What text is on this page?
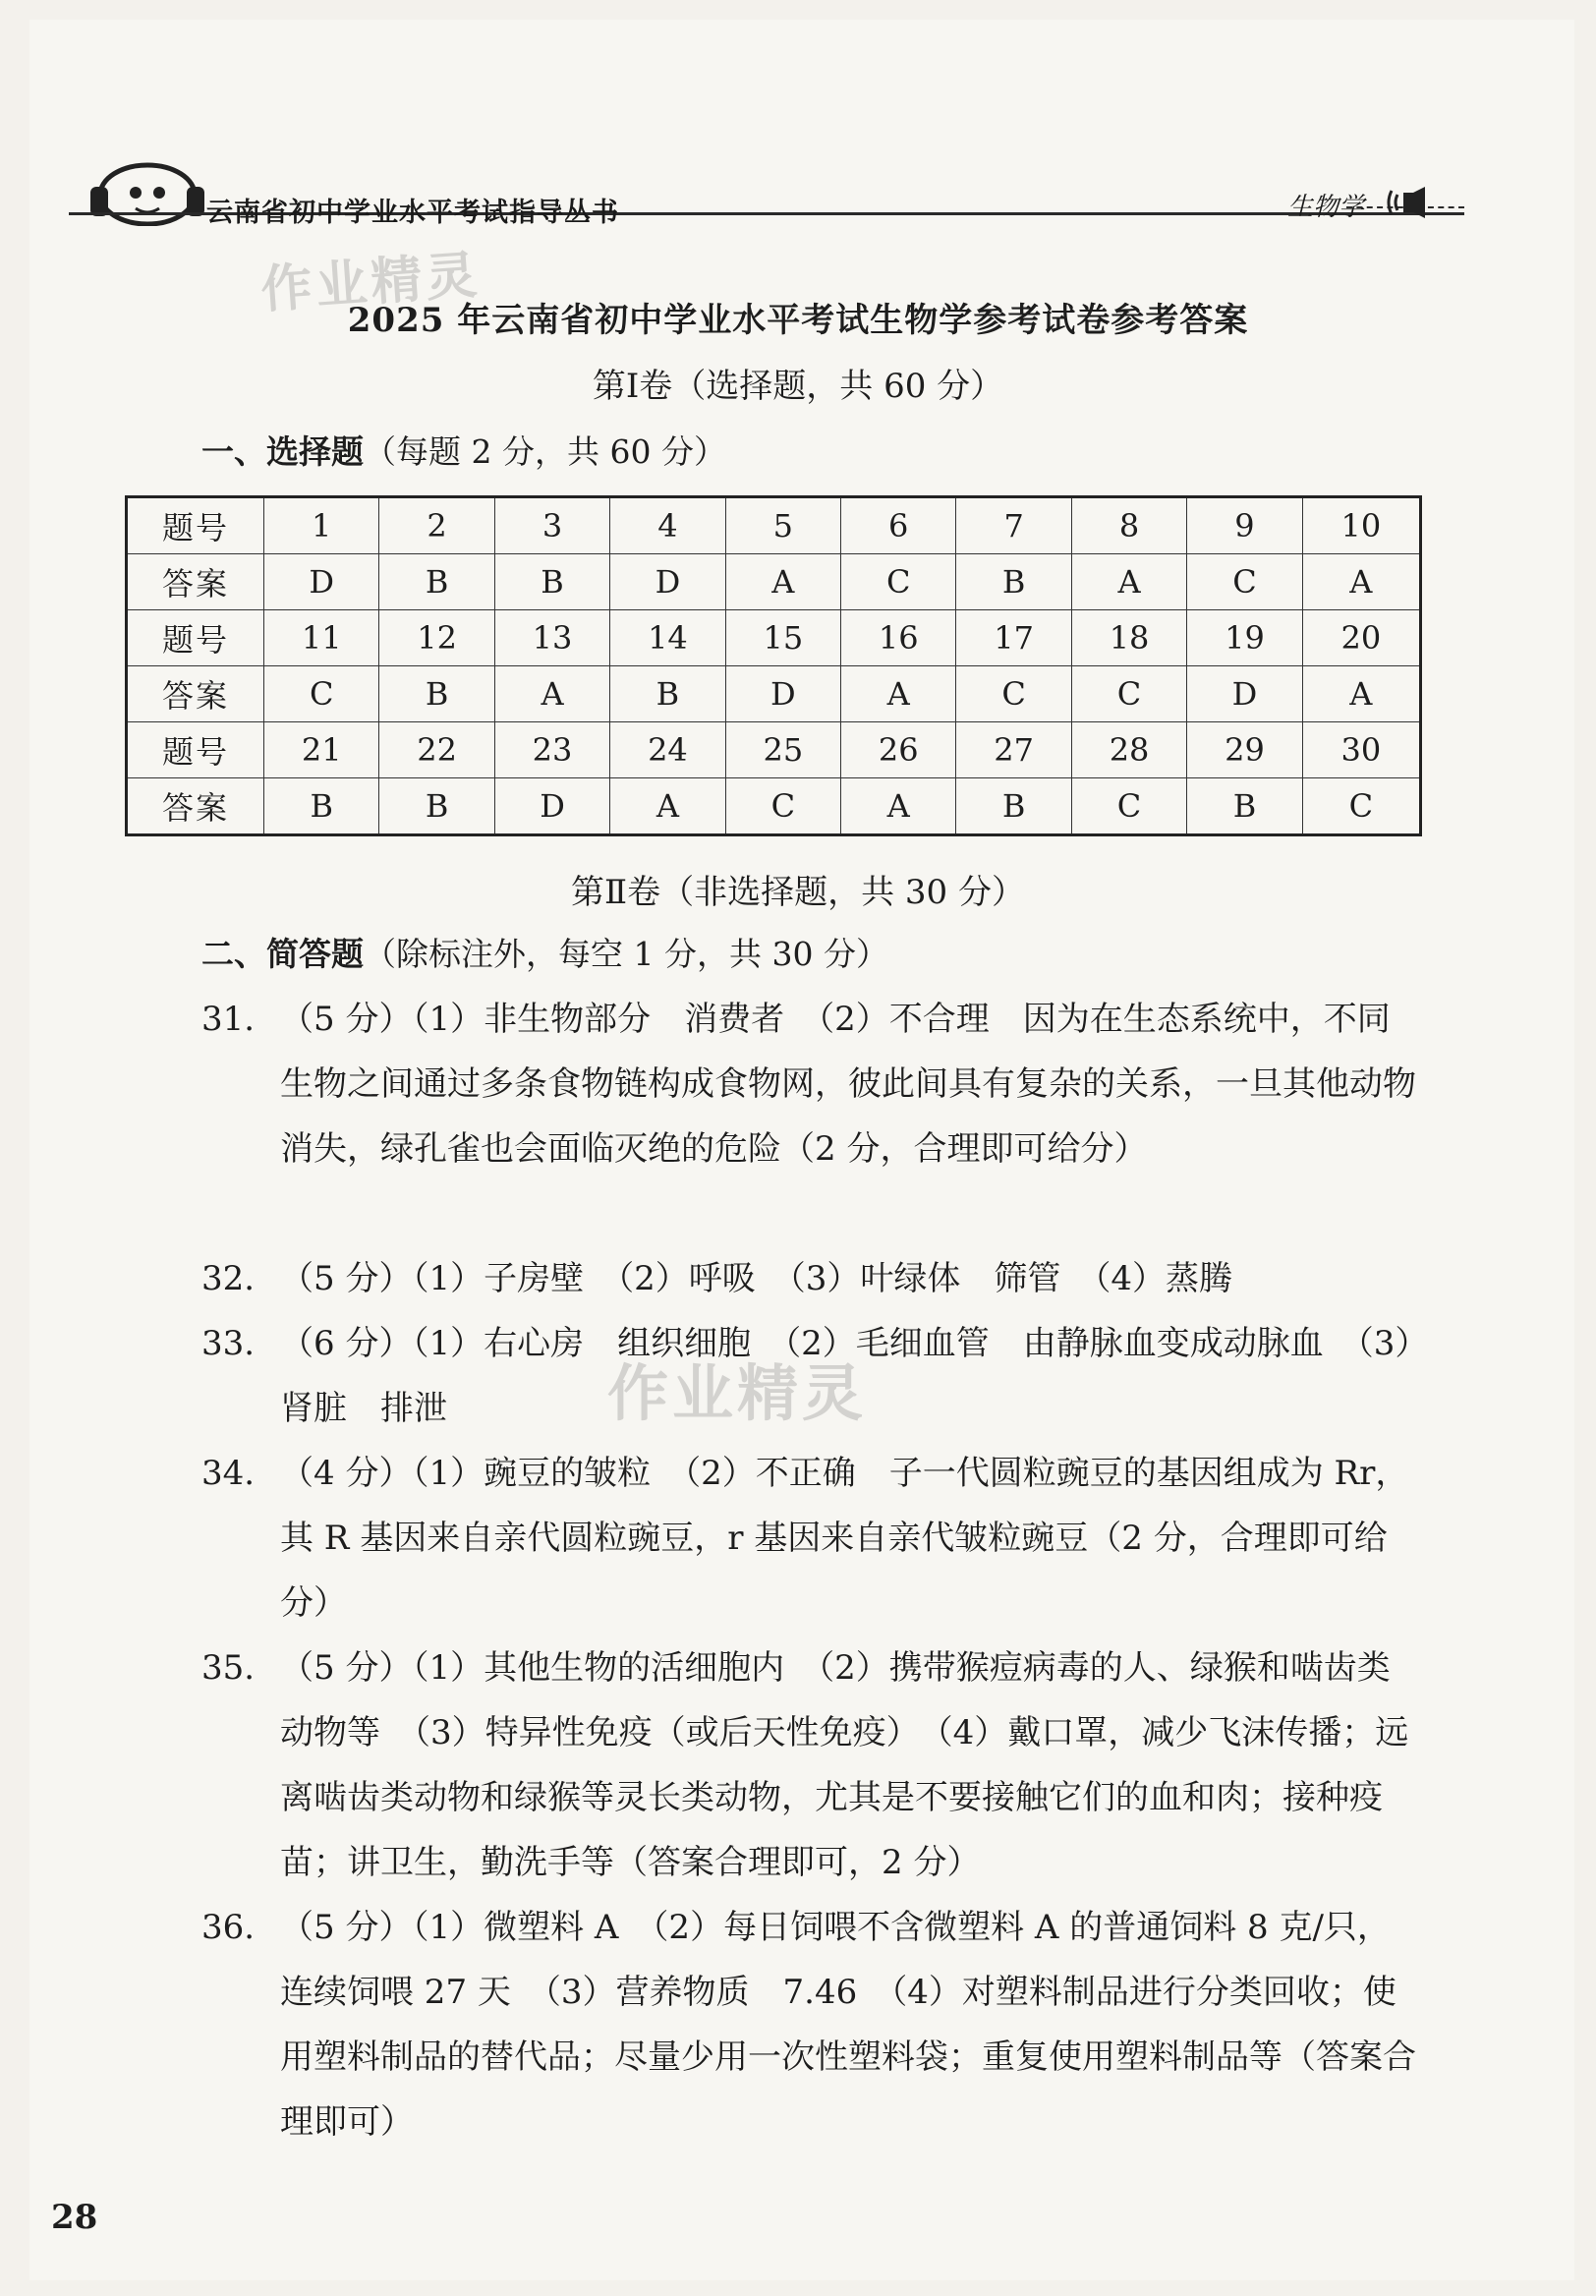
云南省初中学业水平考试指导丛书	生物学
作业精灵
作业精灵
2025 年云南省初中学业水平考试生物学参考试卷参考答案
第Ⅰ卷（选择题，共 60 分）
一、选择题（每题 2 分，共 60 分）
题号	1	2	3	4	5	6	7	8	9	10
答案	D	B	B	D	A	C	B	A	C	A
题号	11	12	13	14	15	16	17	18	19	20
答案	C	B	A	B	D	A	C	C	D	A
题号	21	22	23	24	25	26	27	28	29	30
答案	B	B	D	A	C	A	B	C	B	C
第Ⅱ卷（非选择题，共 30 分）
二、简答题（除标注外，每空 1 分，共 30 分）
31. （5 分）（1）非生物部分　消费者　（2）不合理　因为在生态系统中，不同生物之间通过多条食物链构成食物网，彼此间具有复杂的关系，一旦其他动物消失，绿孔雀也会面临灭绝的危险（2 分，合理即可给分）
32. （5 分）（1）子房壁　（2）呼吸　（3）叶绿体　筛管　（4）蒸腾
33. （6 分）（1）右心房　组织细胞　（2）毛细血管　由静脉血变成动脉血　（3）肾脏　排泄
34. （4 分）（1）豌豆的皱粒　（2）不正确　子一代圆粒豌豆的基因组成为 Rr，其 R 基因来自亲代圆粒豌豆，r 基因来自亲代皱粒豌豆（2 分，合理即可给分）
35. （5 分）（1）其他生物的活细胞内　（2）携带猴痘病毒的人、绿猴和啮齿类动物等　（3）特异性免疫（或后天性免疫）　（4）戴口罩，减少飞沫传播；远离啮齿类动物和绿猴等灵长类动物，尤其是不要接触它们的血和肉；接种疫苗；讲卫生，勤洗手等（答案合理即可，2 分）
36. （5 分）（1）微塑料 A　（2）每日饲喂不含微塑料 A 的普通饲料 8 克/只，连续饲喂 27 天　（3）营养物质　7.46　（4）对塑料制品进行分类回收；使用塑料制品的替代品；尽量少用一次性塑料袋；重复使用塑料制品等（答案合理即可）
28
